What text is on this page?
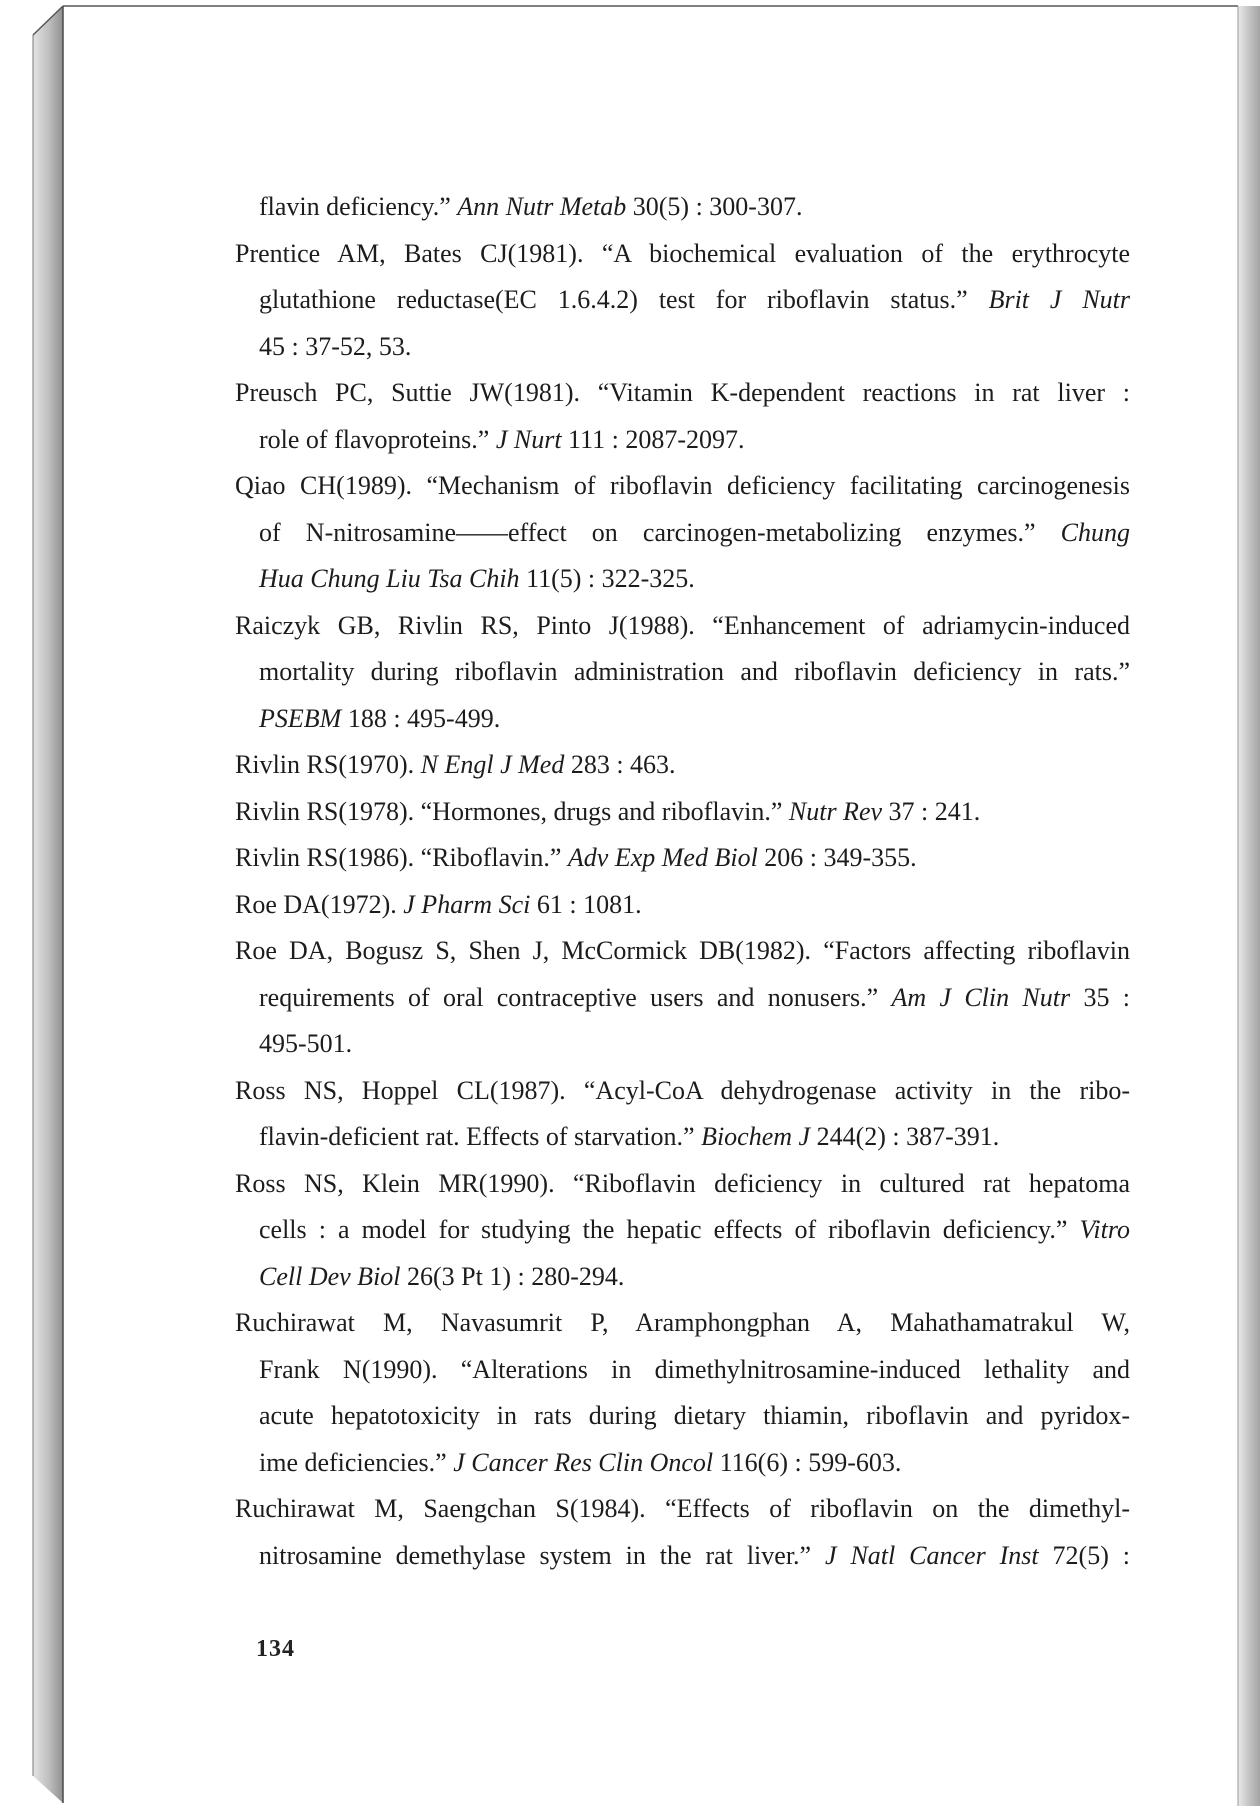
flavin deficiency.” Ann Nutr Metab 30(5) : 300-307.
Prentice AM, Bates CJ(1981). “A biochemical evaluation of the erythrocyte
glutathione reductase(EC 1.6.4.2) test for riboflavin status.” Brit J Nutr
45 : 37-52, 53.
Preusch PC, Suttie JW(1981). “Vitamin K-dependent reactions in rat liver :
role of flavoproteins.” J Nurt 111 : 2087-2097.
Qiao CH(1989). “Mechanism of riboflavin deficiency facilitating carcinogenesis
of N-nitrosamine——effect on carcinogen-metabolizing enzymes.” Chung
Hua Chung Liu Tsa Chih 11(5) : 322-325.
Raiczyk GB, Rivlin RS, Pinto J(1988). “Enhancement of adriamycin-induced
mortality during riboflavin administration and riboflavin deficiency in rats.”
PSEBM 188 : 495-499.
Rivlin RS(1970). N Engl J Med 283 : 463.
Rivlin RS(1978). “Hormones, drugs and riboflavin.” Nutr Rev 37 : 241.
Rivlin RS(1986). “Riboflavin.” Adv Exp Med Biol 206 : 349-355.
Roe DA(1972). J Pharm Sci 61 : 1081.
Roe DA, Bogusz S, Shen J, McCormick DB(1982). “Factors affecting riboflavin
requirements of oral contraceptive users and nonusers.” Am J Clin Nutr 35 :
495-501.
Ross NS, Hoppel CL(1987). “Acyl-CoA dehydrogenase activity in the ribo-
flavin-deficient rat. Effects of starvation.” Biochem J 244(2) : 387-391.
Ross NS, Klein MR(1990). “Riboflavin deficiency in cultured rat hepatoma
cells : a model for studying the hepatic effects of riboflavin deficiency.” Vitro
Cell Dev Biol 26(3 Pt 1) : 280-294.
Ruchirawat M, Navasumrit P, Aramphongphan A, Mahathamatrakul W,
Frank N(1990). “Alterations in dimethylnitrosamine-induced lethality and
acute hepatotoxicity in rats during dietary thiamin, riboflavin and pyridox-
ime deficiencies.” J Cancer Res Clin Oncol 116(6) : 599-603.
Ruchirawat M, Saengchan S(1984). “Effects of riboflavin on the dimethyl-
nitrosamine demethylase system in the rat liver.” J Natl Cancer Inst 72(5) :
134
